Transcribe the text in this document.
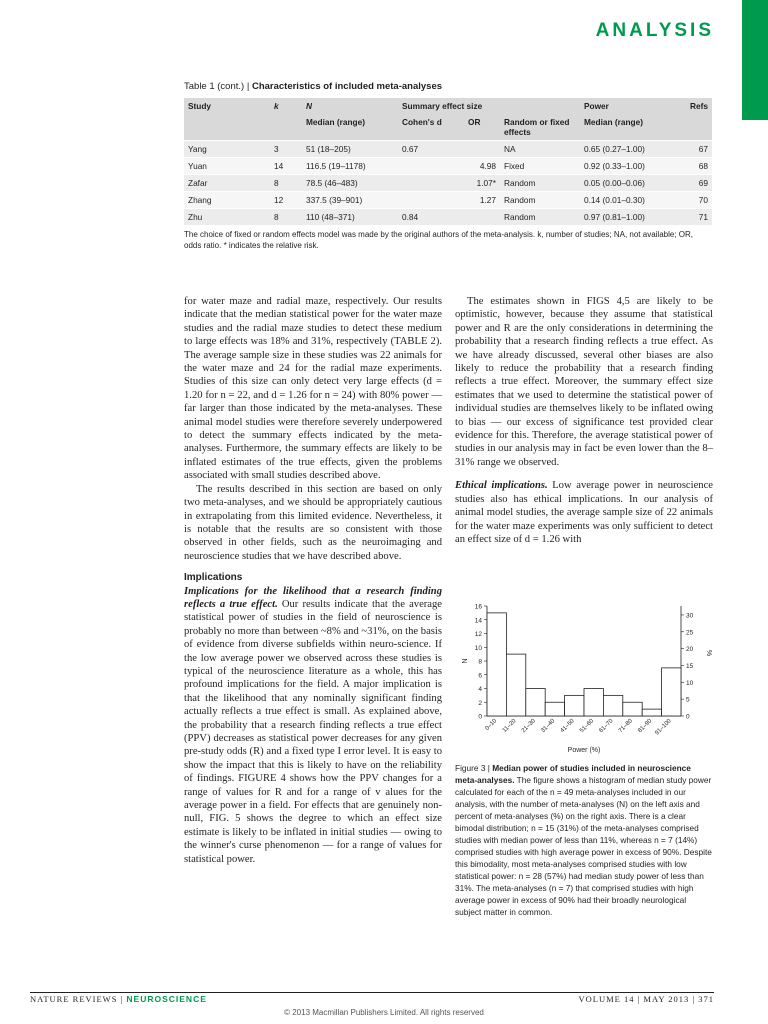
ANALYSIS
Table 1 (cont.) | Characteristics of included meta-analyses
Study	k	N	Summary effect size			Power	Refs
		Median (range)	Cohen's d	OR	Random or fixed effects	Median (range)	
Yang	3	51 (18–205)	0.67		NA	0.65 (0.27–1.00)	67
Yuan	14	116.5 (19–1178)		4.98	Fixed	0.92 (0.33–1.00)	68
Zafar	8	78.5 (46–483)		1.07*	Random	0.05 (0.00–0.06)	69
Zhang	12	337.5 (39–901)		1.27	Random	0.14 (0.01–0.30)	70
Zhu	8	110 (48–371)	0.84		Random	0.97 (0.81–1.00)	71
The choice of fixed or random effects model was made by the original authors of the meta-analysis. k, number of studies; NA, not available; OR, odds ratio. * indicates the relative risk.

for water maze and radial maze, respectively. Our results indicate that the median statistical power for the water maze studies and the radial maze studies to detect these medium to large effects was 18% and 31%, respectively (TABLE 2). The average sample size in these studies was 22 animals for the water maze and 24 for the radial maze experiments. Studies of this size can only detect very large effects (d = 1.20 for n = 22, and d = 1.26 for n = 24) with 80% power — far larger than those indicated by the meta-analyses. These animal model studies were therefore severely underpowered to detect the summary effects indicated by the meta-analyses. Furthermore, the summary effects are likely to be inflated estimates of the true effects, given the problems associated with small studies described above.

The results described in this section are based on only two meta-analyses, and we should be appropriately cautious in extrapolating from this limited evidence. Nevertheless, it is notable that the results are so consistent with those observed in other fields, such as the neuroimaging and neuroscience studies that we have described above.

Implications

Implications for the likelihood that a research finding reflects a true effect. Our results indicate that the average statistical power of studies in the field of neuroscience is probably no more than between ~8% and ~31%, on the basis of evidence from diverse subfields within neuro-science. If the low average power we observed across these studies is typical of the neuroscience literature as a whole, this has profound implications for the field. A major implication is that the likelihood that any nominally significant finding actually reflects a true effect is small. As explained above, the probability that a research finding reflects a true effect (PPV) decreases as statistical power decreases for any given pre-study odds (R) and a fixed type I error level. It is easy to show the impact that this is likely to have on the reliability of findings. FIGURE 4 shows how the PPV changes for a range of values for R and for a range of v alues for the average power in a field. For effects that are genuinely non-null, FIG. 5 shows the degree to which an effect size estimate is likely to be inflated in initial studies — owing to the winner's curse phenomenon — for a range of values for statistical power.

The estimates shown in FIGS 4,5 are likely to be optimistic, however, because they assume that statistical power and R are the only considerations in determining the probability that a research finding reflects a true effect. As we have already discussed, several other biases are also likely to reduce the probability that a research finding reflects a true effect. Moreover, the summary effect size estimates that we used to determine the statistical power of individual studies are themselves likely to be inflated owing to bias — our excess of significance test provided clear evidence for this. Therefore, the average statistical power of studies in our analysis may in fact be even lower than the 8–31% range we observed.

Ethical implications. Low average power in neuroscience studies also has ethical implications. In our analysis of animal model studies, the average sample size of 22 animals for the water maze experiments was only sufficient to detect an effect size of d = 1.26 with

0
2
4
6
8
10
12
14
16
0
5
10
15
20
25
30
0–10 11–20 21–30 31–40 41–50 51–60 61–70 71–80 81–90 91–100
Power (%)
N
%
Figure 3 | Median power of studies included in neuroscience meta-analyses. The figure shows a histogram of median study power calculated for each of the n = 49 meta-analyses included in our analysis, with the number of meta-analyses (N) on the left axis and percent of meta-analyses (%) on the right axis. There is a clear bimodal distribution; n = 15 (31%) of the meta-analyses comprised studies with median power of less than 11%, whereas n = 7 (14%) comprised studies with high average power in excess of 90%. Despite this bimodality, most meta-analyses comprised studies with low statistical power: n = 28 (57%) had median study power of less than 31%. The meta-analyses (n = 7) that comprised studies with high average power in excess of 90% had their broadly neurological subject matter in common.
NATURE REVIEWS | NEUROSCIENCE	VOLUME 14 | MAY 2013 | 371
© 2013 Macmillan Publishers Limited. All rights reserved
